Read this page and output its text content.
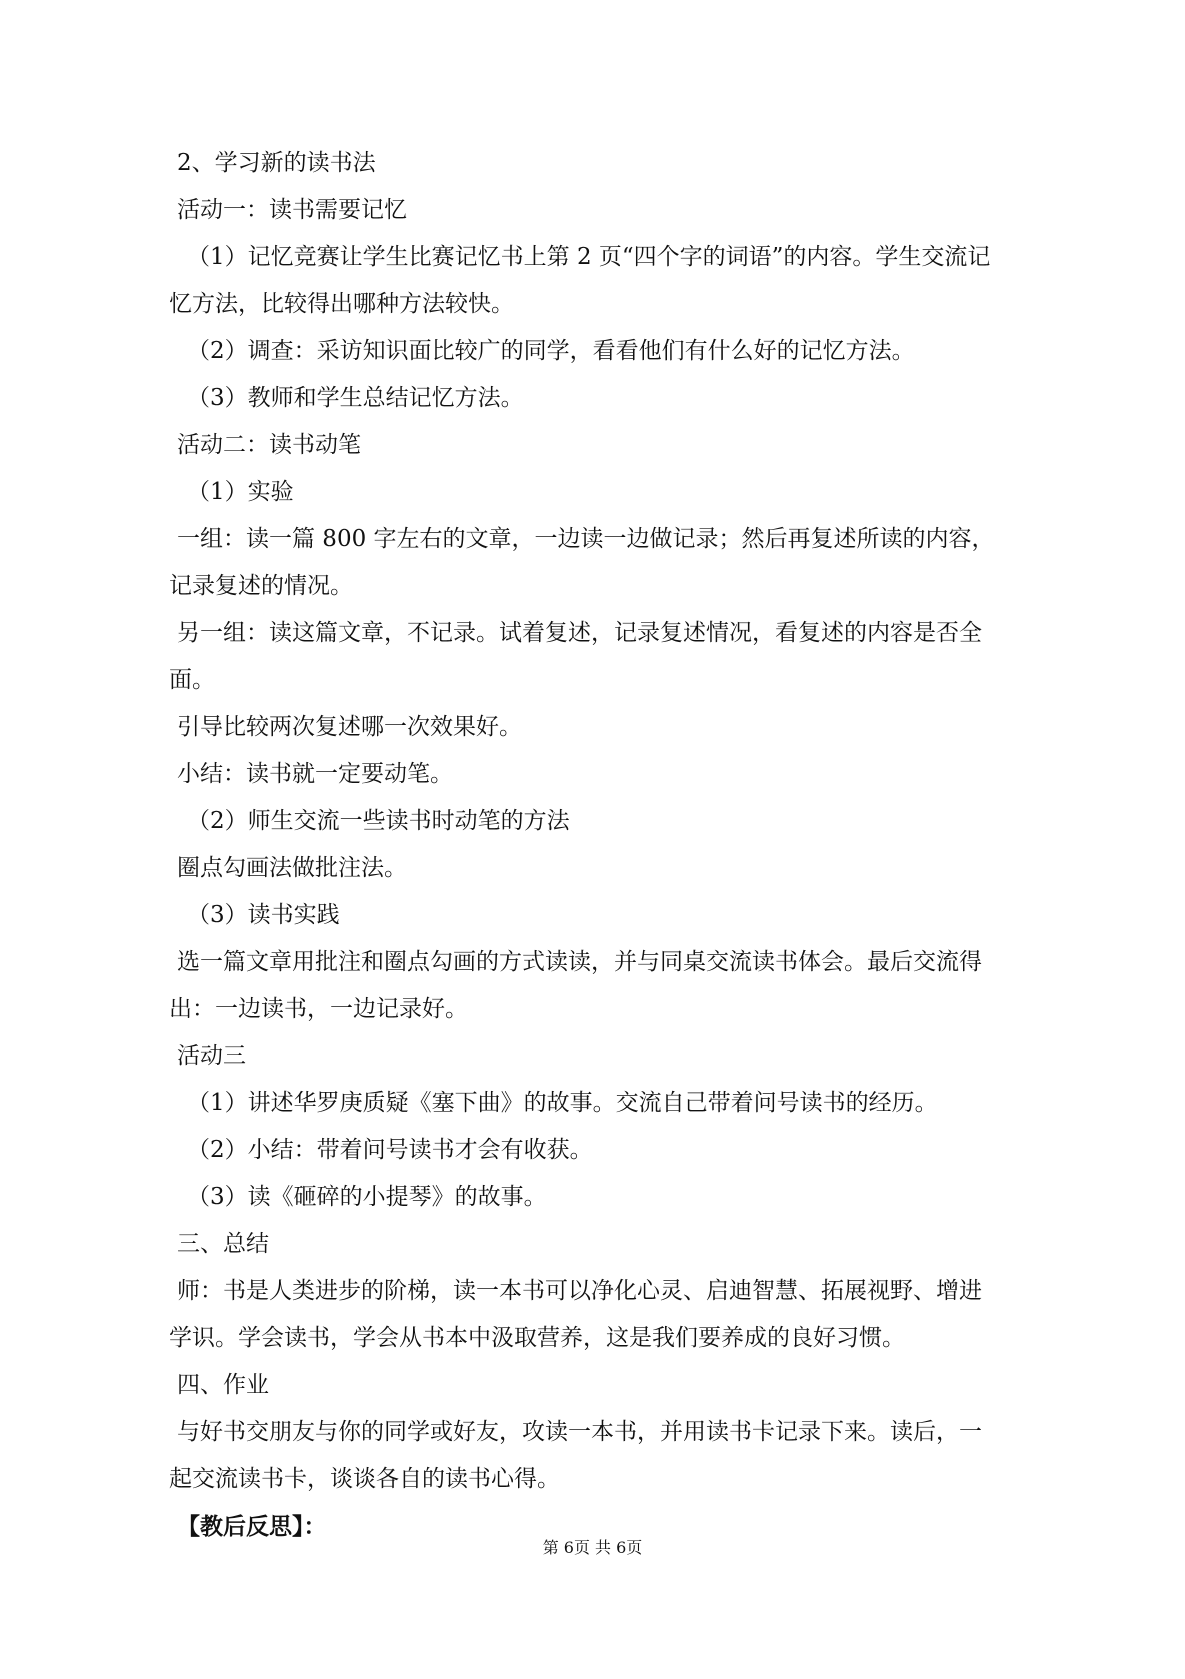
2、学习新的读书法

活动一：读书需要记忆

（1）记忆竞赛让学生比赛记忆书上第 2 页“四个字的词语”的内容。学生交流记
忆方法，比较得出哪种方法较快。

（2）调查：采访知识面比较广的同学，看看他们有什么好的记忆方法。

（3）教师和学生总结记忆方法。

活动二：读书动笔

（1）实验

一组：读一篇 800 字左右的文章，一边读一边做记录；然后再复述所读的内容，
记录复述的情况。
另一组：读这篇文章，不记录。试着复述，记录复述情况，看复述的内容是否全
面。

引导比较两次复述哪一次效果好。

小结：读书就一定要动笔。

（2）师生交流一些读书时动笔的方法

圈点勾画法做批注法。

（3）读书实践

选一篇文章用批注和圈点勾画的方式读读，并与同桌交流读书体会。最后交流得
出：一边读书，一边记录好。

活动三

（1）讲述华罗庚质疑《塞下曲》的故事。交流自己带着问号读书的经历。

（2）小结：带着问号读书才会有收获。

（3）读《砸碎的小提琴》的故事。

三、总结

师：书是人类进步的阶梯，读一本书可以净化心灵、启迪智慧、拓展视野、增进
学识。学会读书，学会从书本中汲取营养，这是我们要养成的良好习惯。

四、作业

与好书交朋友与你的同学或好友，攻读一本书，并用读书卡记录下来。读后，一
起交流读书卡，谈谈各自的读书心得。

【教后反思】：

第 6页 共 6页
